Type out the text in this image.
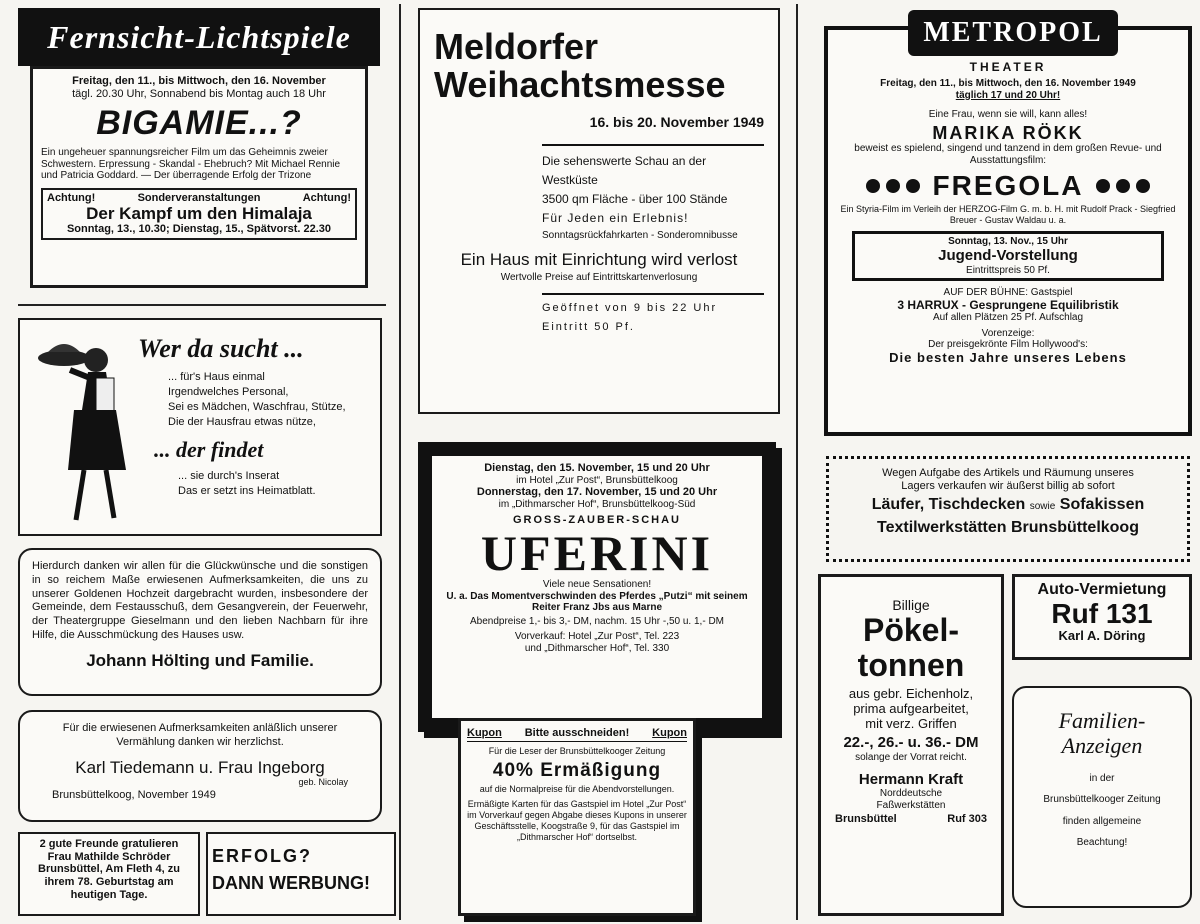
Fernsicht-Lichtspiele

Freitag, den 11., bis Mittwoch, den 16. November

tägl. 20.30 Uhr, Sonnabend bis Montag auch 18 Uhr

BIGAMIE...?

Ein ungeheuer spannungsreicher Film um das Geheimnis zweier Schwestern. Erpressung - Skandal - Ehebruch? Mit Michael Rennie und Patricia Goddard. — Der überragende Erfolg der Trizone

Achtung!	Sonderveranstaltungen	Achtung!

Der Kampf um den Himalaja

Sonntag, 13., 10.30; Dienstag, 15., Spätvorst. 22.30

Wer da sucht ...

... für's Haus einmal
Irgendwelches Personal,
Sei es Mädchen, Waschfrau, Stütze,
Die der Hausfrau etwas nütze,

... der findet

... sie durch's Inserat
Das er setzt ins Heimatblatt.

Hierdurch danken wir allen für die Glückwünsche und die sonstigen in so reichem Maße erwiesenen Aufmerksamkeiten, die uns zu unserer Goldenen Hochzeit dargebracht wurden, insbesondere der Gemeinde, dem Festausschuß, dem Gesangverein, der Feuerwehr, der Theatergruppe Gieselmann und den lieben Nachbarn für ihre Hilfe, die Ausschmückung des Hauses usw.

Johann Hölting und Familie.

Für die erwiesenen Aufmerksamkeiten anläßlich unserer Vermählung danken wir herzlichst.

Karl Tiedemann u. Frau Ingeborg

geb. Nicolay

Brunsbüttelkoog, November 1949

2 gute Freunde gratulieren
Frau Mathilde Schröder
Brunsbüttel, Am Fleth 4, zu
ihrem 78. Geburtstag am
heutigen Tage.

ERFOLG?

DANN WERBUNG!

Meldorfer

Weihachtsmesse

16. bis 20. November 1949

Die sehenswerte Schau an der Westküste
3500 qm Fläche - über 100 Stände
Für Jeden ein Erlebnis!
Sonntagsrückfahrkarten - Sonderomnibusse

Ein Haus mit Einrichtung wird verlost

Wertvolle Preise auf Eintrittskartenverlosung

Geöffnet von 9 bis 22 Uhr
Eintritt 50 Pf.

Dienstag, den 15. November, 15 und 20 Uhr

im Hotel „Zur Post“, Brunsbüttelkoog

Donnerstag, den 17. November, 15 und 20 Uhr

im „Dithmarscher Hof“, Brunsbüttelkoog-Süd

GROSS-ZAUBER-SCHAU

UFERINI

Viele neue Sensationen!

U. a. Das Momentverschwinden des Pferdes „Putzi“ mit seinem Reiter Franz Jbs aus Marne

Abendpreise 1,- bis 3,- DM, nachm. 15 Uhr -,50 u. 1,- DM

Vorverkauf: Hotel „Zur Post“, Tel. 223

und „Dithmarscher Hof“, Tel. 330

Kupon Bitte ausschneiden! Kupon

Für die Leser der Brunsbüttelkooger Zeitung

40% Ermäßigung

auf die Normalpreise für die Abendvorstellungen.

Ermäßigte Karten für das Gastspiel im Hotel „Zur Post“ im Vorverkauf gegen Abgabe dieses Kupons in unserer Geschäftsstelle, Koogstraße 9, für das Gastspiel im „Dithmarscher Hof“ dortselbst.

METROPOL
THEATER

Freitag, den 11., bis Mittwoch, den 16. November 1949

täglich 17 und 20 Uhr!

Eine Frau, wenn sie will, kann alles!

MARIKA RÖKK

beweist es spielend, singend und tanzend in dem großen Revue- und Ausstattungsfilm:

FREGOLA

Ein Styria-Film im Verleih der HERZOG-Film G. m. b. H. mit Rudolf Prack - Siegfried Breuer - Gustav Waldau u. a.

Sonntag, 13. Nov., 15 Uhr

Jugend-Vorstellung

Eintrittspreis 50 Pf.

AUF DER BÜHNE: Gastspiel

3 HARRUX - Gesprungene Equilibristik

Auf allen Plätzen 25 Pf. Aufschlag

Vorenzeige:

Der preisgekrönte Film Hollywood's:

Die besten Jahre unseres Lebens

Wegen Aufgabe des Artikels und Räumung unseres

Lagers verkaufen wir äußerst billig ab sofort

Läufer, Tischdecken sowie Sofakissen

Textilwerkstätten Brunsbüttelkoog

Billige

Pökel-

tonnen

aus gebr. Eichenholz,

prima aufgearbeitet,

mit verz. Griffen

22.-, 26.- u. 36.- DM

solange der Vorrat reicht.

Hermann Kraft

Norddeutsche

Faßwerkstätten

Brunsbüttel	Ruf 303

Auto-Vermietung

Ruf 131

Karl A. Döring

Familien-

Anzeigen

in der

Brunsbüttelkooger Zeitung

finden allgemeine

Beachtung!
